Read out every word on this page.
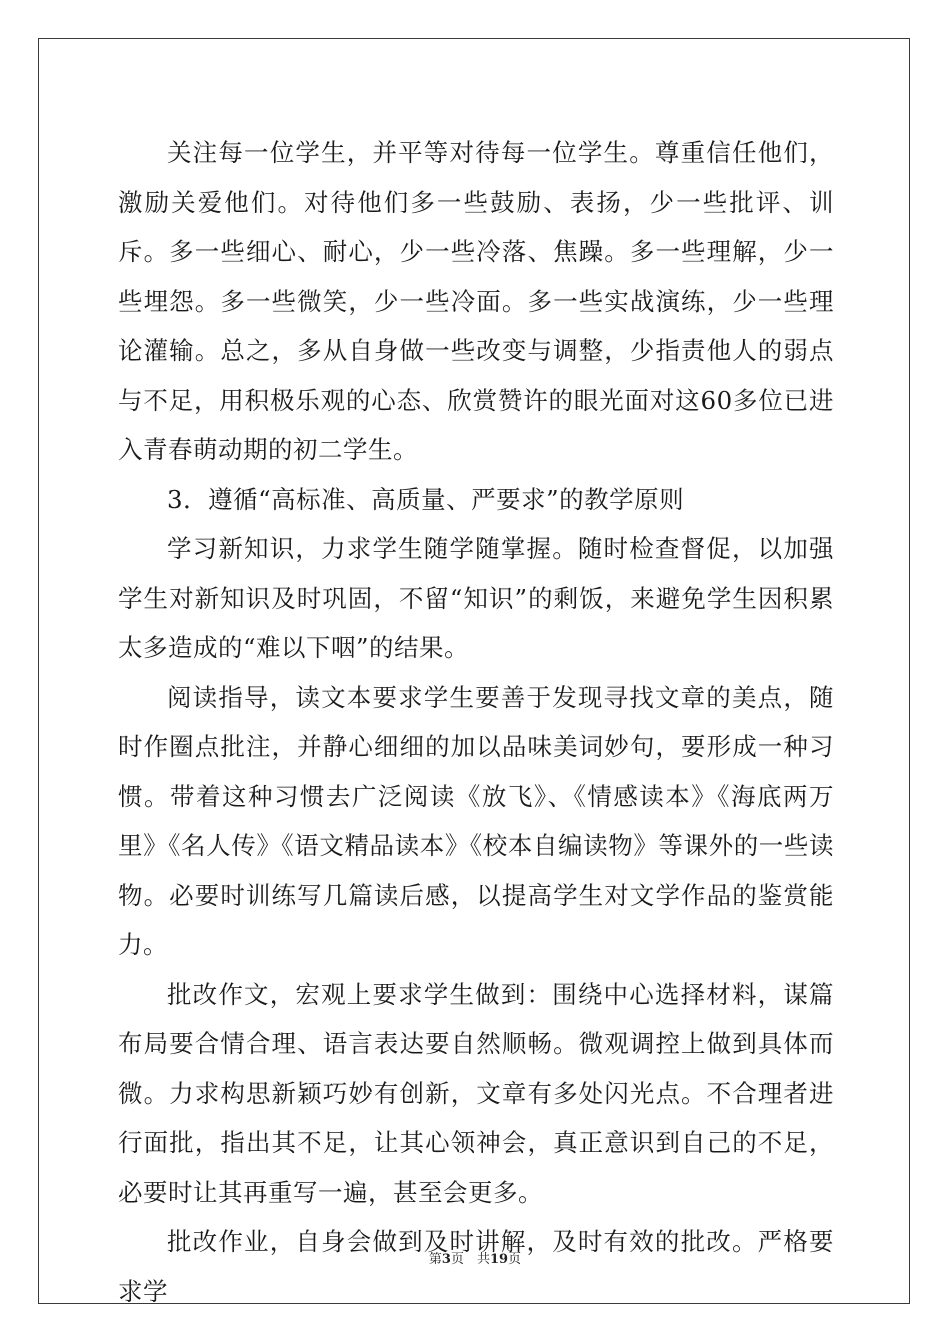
关注每一位学生，并平等对待每一位学生。尊重信任他们，激励关爱他们。对待他们多一些鼓励、表扬，少一些批评、训斥。多一些细心、耐心，少一些冷落、焦躁。多一些理解，少一些埋怨。多一些微笑，少一些冷面。多一些实战演练，少一些理论灌输。总之，多从自身做一些改变与调整，少指责他人的弱点与不足，用积极乐观的心态、欣赏赞许的眼光面对这60多位已进入青春萌动期的初二学生。

3．遵循“高标准、高质量、严要求”的教学原则

学习新知识，力求学生随学随掌握。随时检查督促，以加强学生对新知识及时巩固，不留“知识”的剩饭，来避免学生因积累太多造成的“难以下咽”的结果。

阅读指导，读文本要求学生要善于发现寻找文章的美点，随时作圈点批注，并静心细细的加以品味美词妙句，要形成一种习惯。带着这种习惯去广泛阅读《放飞》、《情感读本》《海底两万里》《名人传》《语文精品读本》《校本自编读物》等课外的一些读物。必要时训练写几篇读后感，以提高学生对文学作品的鉴赏能力。

批改作文，宏观上要求学生做到：围绕中心选择材料，谋篇布局要合情合理、语言表达要自然顺畅。微观调控上做到具体而微。力求构思新颖巧妙有创新，文章有多处闪光点。不合理者进行面批，指出其不足，让其心领神会，真正意识到自己的不足，必要时让其再重写一遍，甚至会更多。

批改作业，自身会做到及时讲解，及时有效的批改。严格要求学

第3页　共19页
